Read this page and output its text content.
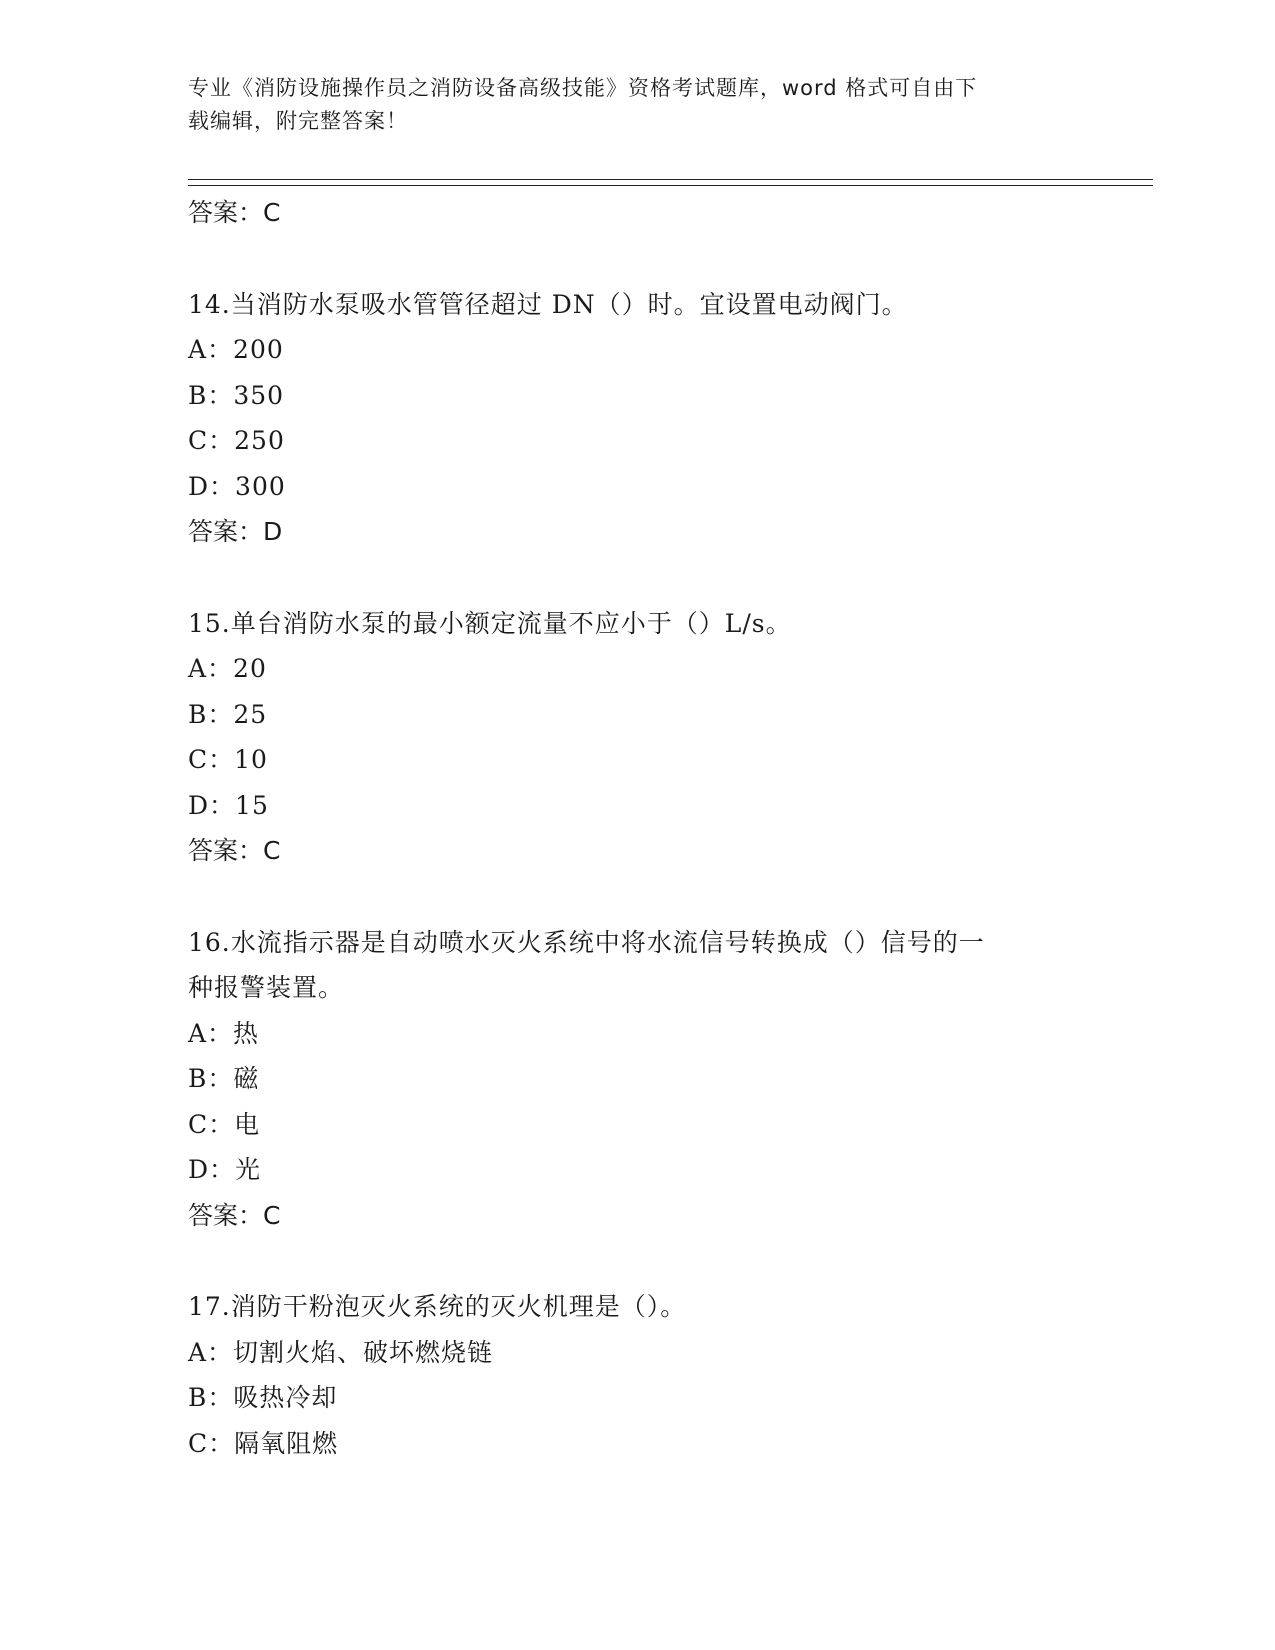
专业《消防设施操作员之消防设备高级技能》资格考试题库，word 格式可自由下
载编辑，附完整答案！
答案：C
14.当消防水泵吸水管管径超过 DN（）时。宜设置电动阀门。
A：200
B：350
C：250
D：300
答案：D
15.单台消防水泵的最小额定流量不应小于（）L/s。
A：20
B：25
C：10
D：15
答案：C
16.水流指示器是自动喷水灭火系统中将水流信号转换成（）信号的一
种报警装置。
A：热
B：磁
C：电
D：光
答案：C
17.消防干粉泡灭火系统的灭火机理是（）。
A：切割火焰、破坏燃烧链
B：吸热冷却
C：隔氧阻燃
